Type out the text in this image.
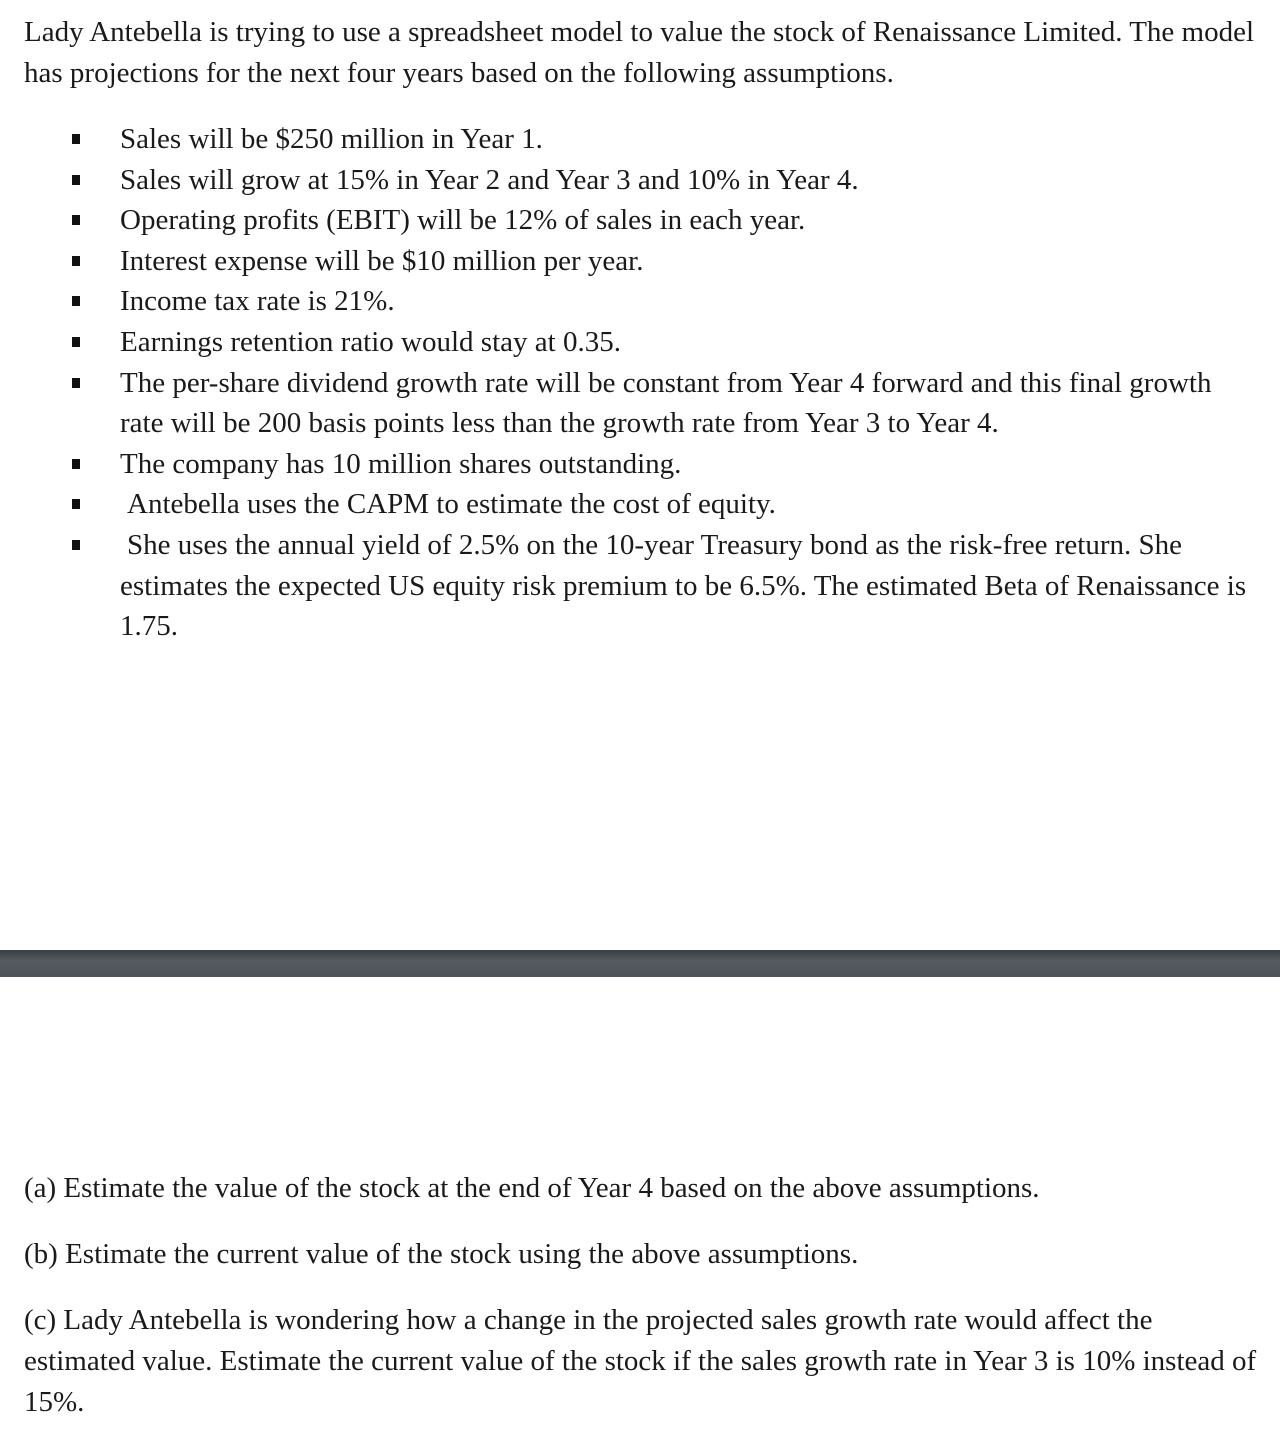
Lady Antebella is trying to use a spreadsheet model to value the stock of Renaissance Limited. The model has projections for the next four years based on the following assumptions.

Sales will be $250 million in Year 1.
Sales will grow at 15% in Year 2 and Year 3 and 10% in Year 4.
Operating profits (EBIT) will be 12% of sales in each year.
Interest expense will be $10 million per year.
Income tax rate is 21%.
Earnings retention ratio would stay at 0.35.
The per-share dividend growth rate will be constant from Year 4 forward and this final growth rate will be 200 basis points less than the growth rate from Year 3 to Year 4.
The company has 10 million shares outstanding.
Antebella uses the CAPM to estimate the cost of equity.
She uses the annual yield of 2.5% on the 10-year Treasury bond as the risk-free return. She estimates the expected US equity risk premium to be 6.5%. The estimated Beta of Renaissance is 1.75.

(a) Estimate the value of the stock at the end of Year 4 based on the above assumptions.

(b) Estimate the current value of the stock using the above assumptions.

(c) Lady Antebella is wondering how a change in the projected sales growth rate would affect the estimated value. Estimate the current value of the stock if the sales growth rate in Year 3 is 10% instead of 15%.
